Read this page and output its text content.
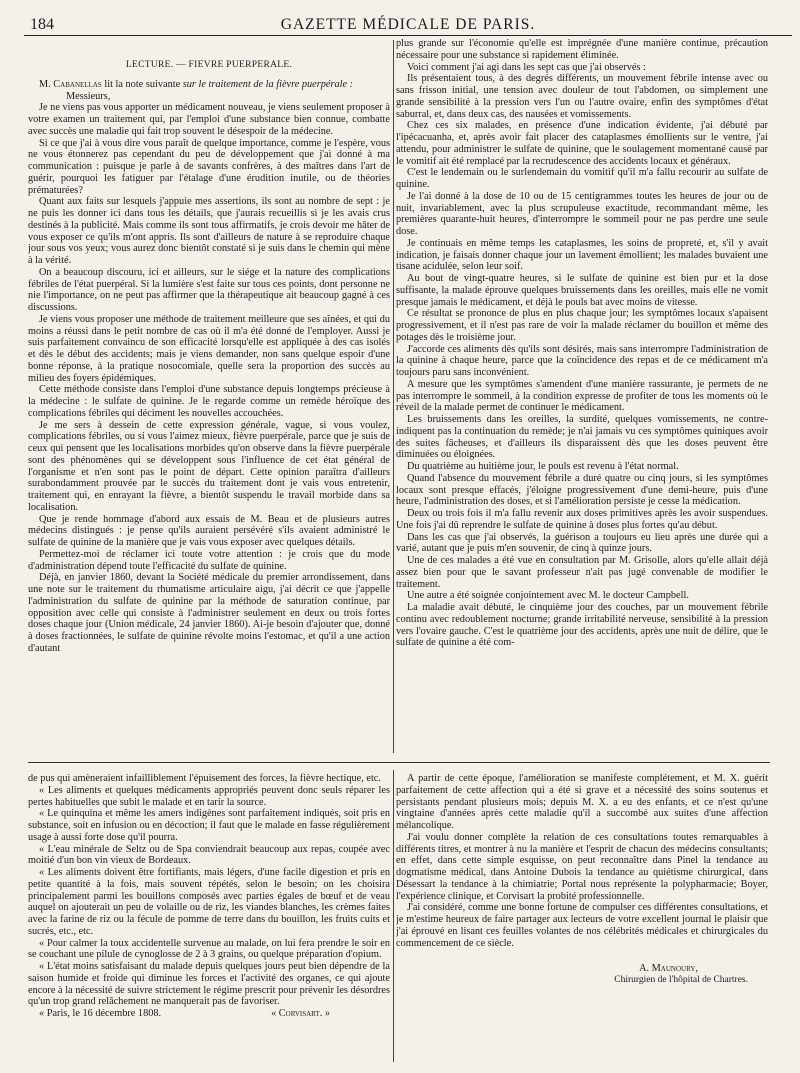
184	GAZETTE MÉDICALE DE PARIS.

LECTURE. — FIÈVRE PUERPÉRALE.

M. Cabanellas lit la note suivante sur le traitement de la fièvre puerpérale :

Messieurs,

Je ne viens pas vous apporter un médicament nouveau, je viens seulement proposer à votre examen un traitement qui, par l'emploi d'une substance bien connue, combatte avec succès une maladie qui fait trop souvent le désespoir de la médecine.

Si ce que j'ai à vous dire vous paraît de quelque importance, comme je l'espère, vous ne vous étonnerez pas cependant du peu de développement que j'ai donné à ma communication : puisque je parle à de savants confrères, à des maîtres dans l'art de guérir, pourquoi les fatiguer par l'étalage d'une érudition inutile, ou de théories prématurées?

Quant aux faits sur lesquels j'appuie mes assertions, ils sont au nombre de sept : je ne puis les donner ici dans tous les détails, que j'aurais recueillis si je les avais crus destinés à la publicité. Mais comme ils sont tous affirmatifs, je crois devoir me hâter de vous exposer ce qu'ils m'ont appris. Ils sont d'ailleurs de nature à se reproduire chaque jour sous vos yeux; vous aurez donc bientôt constaté si je suis dans le chemin qui mène à la vérité.

On a beaucoup discouru, ici et ailleurs, sur le siége et la nature des complications fébriles de l'état puerpéral. Si la lumière s'est faite sur tous ces points, dont personne ne nie l'importance, on ne peut pas affirmer que la thérapeutique ait beaucoup gagné à ces discussions.

Je viens vous proposer une méthode de traitement meilleure que ses aînées, et qui du moins a réussi dans le petit nombre de cas où il m'a été donné de l'employer. Aussi je suis parfaitement convaincu de son efficacité lorsqu'elle est appliquée à des cas isolés et dès le début des accidents; mais je viens demander, non sans quelque espoir d'une bonne réponse, à la pratique nosocomiale, quelle sera la proportion des succès au milieu des foyers épidémiques.

Cette méthode consiste dans l'emploi d'une substance depuis longtemps précieuse à la médecine : le sulfate de quinine. Je le regarde comme un remède héroïque des complications fébriles qui déciment les nouvelles accouchées.

Je me sers à dessein de cette expression générale, vague, si vous voulez, complications fébriles, ou si vous l'aimez mieux, fièvre puerpérale, parce que je suis de ceux qui pensent que les localisations morbides qu'on observe dans la fièvre puerpérale sont des phénomènes qui se développent sous l'influence de cet état général de l'organisme et n'en sont pas le point de départ. Cette opinion paraîtra d'ailleurs surabondamment prouvée par le succès du traitement dont je vais vous entretenir, traitement qui, en enrayant la fièvre, a bientôt suspendu le travail morbide dans sa localisation.

Que je rende hommage d'abord aux essais de M. Beau et de plusieurs autres médecins distingués : je pense qu'ils auraient persévéré s'ils avaient administré le sulfate de quinine de la manière que je vais vous exposer avec quelques détails.

Permettez-moi de réclamer ici toute votre attention : je crois que du mode d'administration dépend toute l'efficacité du sulfate de quinine.

Déjà, en janvier 1860, devant la Société médicale du premier arrondissement, dans une note sur le traitement du rhumatisme articulaire aigu, j'ai décrit ce que j'appelle l'administration du sulfate de quinine par la méthode de saturation continue, par opposition avec celle qui consiste à l'administrer seulement en deux ou trois fortes doses chaque jour (Union médicale, 24 janvier 1860). Ai-je besoin d'ajouter que, donné à doses fractionnées, le sulfate de quinine révolte moins l'estomac, et qu'il a une action d'autant

plus grande sur l'économie qu'elle est imprégnée d'une manière continue, précaution nécessaire pour une substance si rapidement éliminée.

Voici comment j'ai agi dans les sept cas que j'ai observés :

Ils présentaient tous, à des degrés différents, un mouvement fébrile intense avec ou sans frisson initial, une tension avec douleur de tout l'abdomen, ou simplement une grande sensibilité à la pression vers l'un ou l'autre ovaire, enfin des symptômes d'état saburral, et, dans deux cas, des nausées et vomissements.

Chez ces six malades, en présence d'une indication évidente, j'ai débuté par l'ipécacuanha, et, après avoir fait placer des cataplasmes émollients sur le ventre, j'ai attendu, pour administrer le sulfate de quinine, que le soulagement momentané causé par le vomitif ait été remplacé par la recrudescence des accidents locaux et généraux.

C'est le lendemain ou le surlendemain du vomitif qu'il m'a fallu recourir au sulfate de quinine.

Je l'ai donné à la dose de 10 ou de 15 centigrammes toutes les heures de jour ou de nuit, invariablement, avec la plus scrupuleuse exactitude, recommandant même, les premières quarante-huit heures, d'interrompre le sommeil pour ne pas perdre une seule dose.

Je continuais en même temps les cataplasmes, les soins de propreté, et, s'il y avait indication, je faisais donner chaque jour un lavement émollient; les malades buvaient une tisane acidulée, selon leur soif.

Au bout de vingt-quatre heures, si le sulfate de quinine est bien pur et la dose suffisante, la malade éprouve quelques bruissements dans les oreilles, mais elle ne vomit presque jamais le médicament, et déjà le pouls bat avec moins de vitesse.

Ce résultat se prononce de plus en plus chaque jour; les symptômes locaux s'apaisent progressivement, et il n'est pas rare de voir la malade réclamer du bouillon et même des potages dès le troisième jour.

J'accorde ces aliments dès qu'ils sont désirés, mais sans interrompre l'administration de la quinine à chaque heure, parce que la coïncidence des repas et de ce médicament m'a toujours paru sans inconvénient.

A mesure que les symptômes s'amendent d'une manière rassurante, je permets de ne pas interrompre le sommeil, à la condition expresse de profiter de tous les moments où le réveil de la malade permet de continuer le médicament.

Les bruissements dans les oreilles, la surdité, quelques vomissements, ne contre-indiquent pas la continuation du remède; je n'ai jamais vu ces symptômes quiniques avoir des suites fâcheuses, et d'ailleurs ils disparaissent dès que les doses peuvent être diminuées ou éloignées.

Du quatrième au huitième jour, le pouls est revenu à l'état normal.

Quand l'absence du mouvement fébrile a duré quatre ou cinq jours, si les symptômes locaux sont presque effacés, j'éloigne progressivement d'une demi-heure, puis d'une heure, l'administration des doses, et si l'amélioration persiste je cesse la médication.

Deux ou trois fois il m'a fallu revenir aux doses primitives après les avoir suspendues. Une fois j'ai dû reprendre le sulfate de quinine à doses plus fortes qu'au début.

Dans les cas que j'ai observés, la guérison a toujours eu lieu après une durée qui a varié, autant que je puis m'en souvenir, de cinq à quinze jours.

Une de ces malades a été vue en consultation par M. Grisolle, alors qu'elle allait déjà assez bien pour que le savant professeur n'ait pas jugé convenable de modifier le traitement.

Une autre a été soignée conjointement avec M. le docteur Campbell.

La maladie avait débuté, le cinquième jour des couches, par un mouvement fébrile continu avec redoublement nocturne; grande irritabilité nerveuse, sensibilité à la pression vers l'ovaire gauche. C'est le quatrième jour des accidents, après une nuit de délire, que le sulfate de quinine a été com-

de pus qui amèneraient infailliblement l'épuisement des forces, la fièvre hectique, etc.

« Les aliments et quelques médicaments appropriés peuvent donc seuls réparer les pertes habituelles que subit le malade et en tarir la source.

« Le quinquina et même les amers indigènes sont parfaitement indiqués, soit pris en substance, soit en infusion ou en décoction; il faut que le malade en fasse régulièrement usage à aussi forte dose qu'il pourra.

« L'eau minérale de Seltz ou de Spa conviendrait beaucoup aux repas, coupée avec moitié d'un bon vin vieux de Bordeaux.

« Les aliments doivent être fortifiants, mais légers, d'une facile digestion et pris en petite quantité à la fois, mais souvent répétés, selon le besoin; on les choisira principalement parmi les bouillons composés avec parties égales de bœuf et de veau auquel on ajouterait un peu de volaille ou de riz, les viandes blanches, les crèmes faites avec la farine de riz ou la fécule de pomme de terre dans du bouillon, les fruits cuits et sucrés, etc., etc.

« Pour calmer la toux accidentelle survenue au malade, on lui fera prendre le soir en se couchant une pilule de cynoglosse de 2 à 3 grains, ou quelque préparation d'opium.

« L'état moins satisfaisant du malade depuis quelques jours peut bien dépendre de la saison humide et froide qui diminue les forces et l'activité des organes, ce qui ajoute encore à la nécessité de suivre strictement le régime prescrit pour prévenir les désordres qu'un trop grand relâchement ne manquerait pas de favoriser.

« Paris, le 16 décembre 1808.	« Corvisart. »

A partir de cette époque, l'amélioration se manifeste complétement, et M. X. guérit parfaitement de cette affection qui a été si grave et a nécessité des soins soutenus et persistants pendant plusieurs mois; depuis M. X. a eu des enfants, et ce n'est qu'une vingtaine d'années après cette maladie qu'il a succombé aux suites d'une affection mélancolique.

J'ai voulu donner complète la relation de ces consultations toutes remarquables à différents titres, et montrer à nu la manière et l'esprit de chacun des médecins consultants; en effet, dans cette simple esquisse, on peut reconnaître dans Pinel la tendance au dogmatisme médical, dans Antoine Dubois la tendance au quiétisme chirurgical, dans Désessart la tendance à la chimiatrie; Portal nous représente la polypharmacie; Boyer, l'expérience clinique, et Corvisart la probité professionnelle.

J'ai considéré, comme une bonne fortune de compulser ces différentes consultations, et je m'estime heureux de faire partager aux lecteurs de votre excellent journal le plaisir que j'ai éprouvé en lisant ces feuilles volantes de nos célébrités médicales et chirurgicales du commencement de ce siècle.

A. Maunoury,

Chirurgien de l'hôpital de Chartres.
